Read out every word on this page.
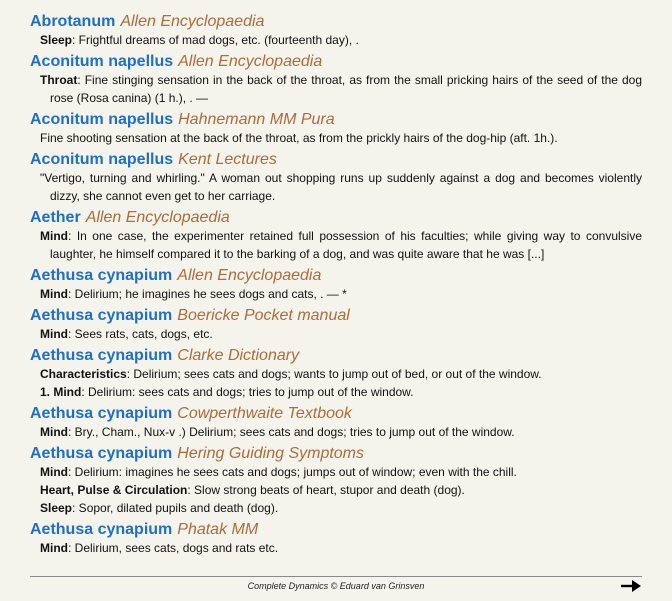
Abrotanum Allen Encyclopaedia
Sleep: Frightful dreams of mad dogs, etc. (fourteenth day), .
Aconitum napellus Allen Encyclopaedia
Throat: Fine stinging sensation in the back of the throat, as from the small pricking hairs of the seed of the dog rose (Rosa canina) (1 h.), . —
Aconitum napellus Hahnemann MM Pura
Fine shooting sensation at the back of the throat, as from the prickly hairs of the dog-hip (aft. 1h.).
Aconitum napellus Kent Lectures
"Vertigo, turning and whirling." A woman out shopping runs up suddenly against a dog and becomes violently dizzy, she cannot even get to her carriage.
Aether Allen Encyclopaedia
Mind: In one case, the experimenter retained full possession of his faculties; while giving way to convulsive laughter, he himself compared it to the barking of a dog, and was quite aware that he was [...]
Aethusa cynapium Allen Encyclopaedia
Mind: Delirium; he imagines he sees dogs and cats, . — *
Aethusa cynapium Boericke Pocket manual
Mind: Sees rats, cats, dogs, etc.
Aethusa cynapium Clarke Dictionary
Characteristics: Delirium; sees cats and dogs; wants to jump out of bed, or out of the window.
1. Mind: Delirium: sees cats and dogs; tries to jump out of the window.
Aethusa cynapium Cowperthwaite Textbook
Mind: Bry., Cham., Nux-v .) Delirium; sees cats and dogs; tries to jump out of the window.
Aethusa cynapium Hering Guiding Symptoms
Mind: Delirium: imagines he sees cats and dogs; jumps out of window; even with the chill.
Heart, Pulse & Circulation: Slow strong beats of heart, stupor and death (dog).
Sleep: Sopor, dilated pupils and death (dog).
Aethusa cynapium Phatak MM
Mind: Delirium, sees cats, dogs and rats etc.
Complete Dynamics © Eduard van Grinsven
